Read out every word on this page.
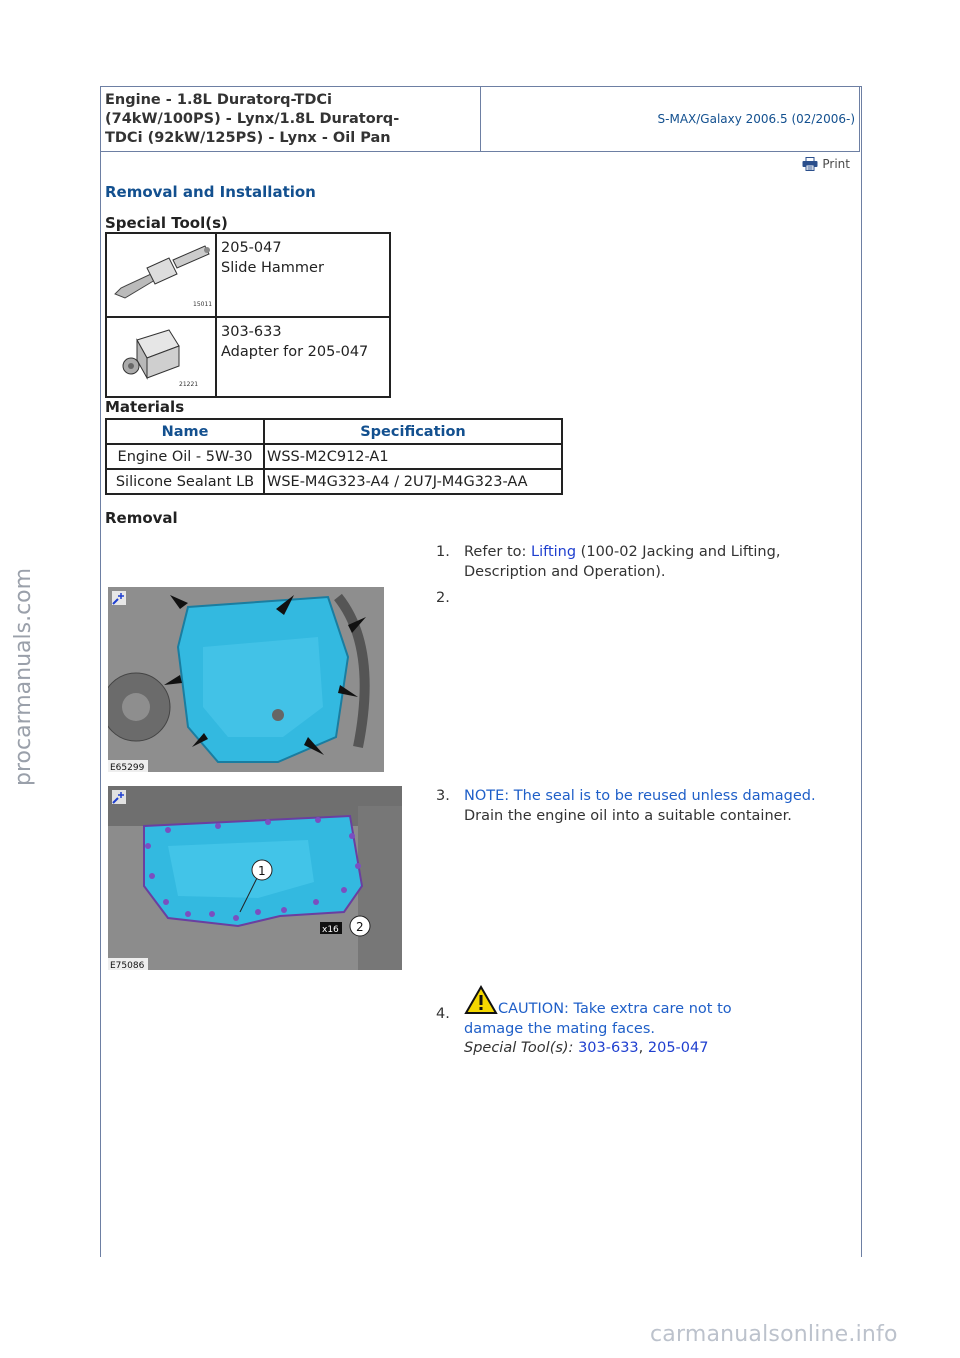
Engine - 1.8L Duratorq-TDCi
(74kW/100PS) - Lynx/1.8L Duratorq-
TDCi (92kW/125PS) - Lynx - Oil Pan
S-MAX/Galaxy 2006.5 (02/2006-)
Print
Removal and Installation
Special Tool(s)
15011	205-047
Slide Hammer

21221	303-633
Adapter for 205-047
Materials
Name	Specification
Engine Oil - 5W-30	WSS-M2C912-A1
Silicone Sealant LB	WSE-M4G323-A4 / 2U7J-M4G323-AA
Removal
1. Refer to: Lifting (100-02 Jacking and Lifting, Description and Operation).
2.
E65299
1
x16 2
E75086
3. NOTE: The seal is to be reused unless damaged.
Drain the engine oil into a suitable container.
4.	CAUTION: Take extra care not to damage the mating faces.
Special Tool(s): 303-633, 205-047
procarmanuals.com
carmanualsonline.info
